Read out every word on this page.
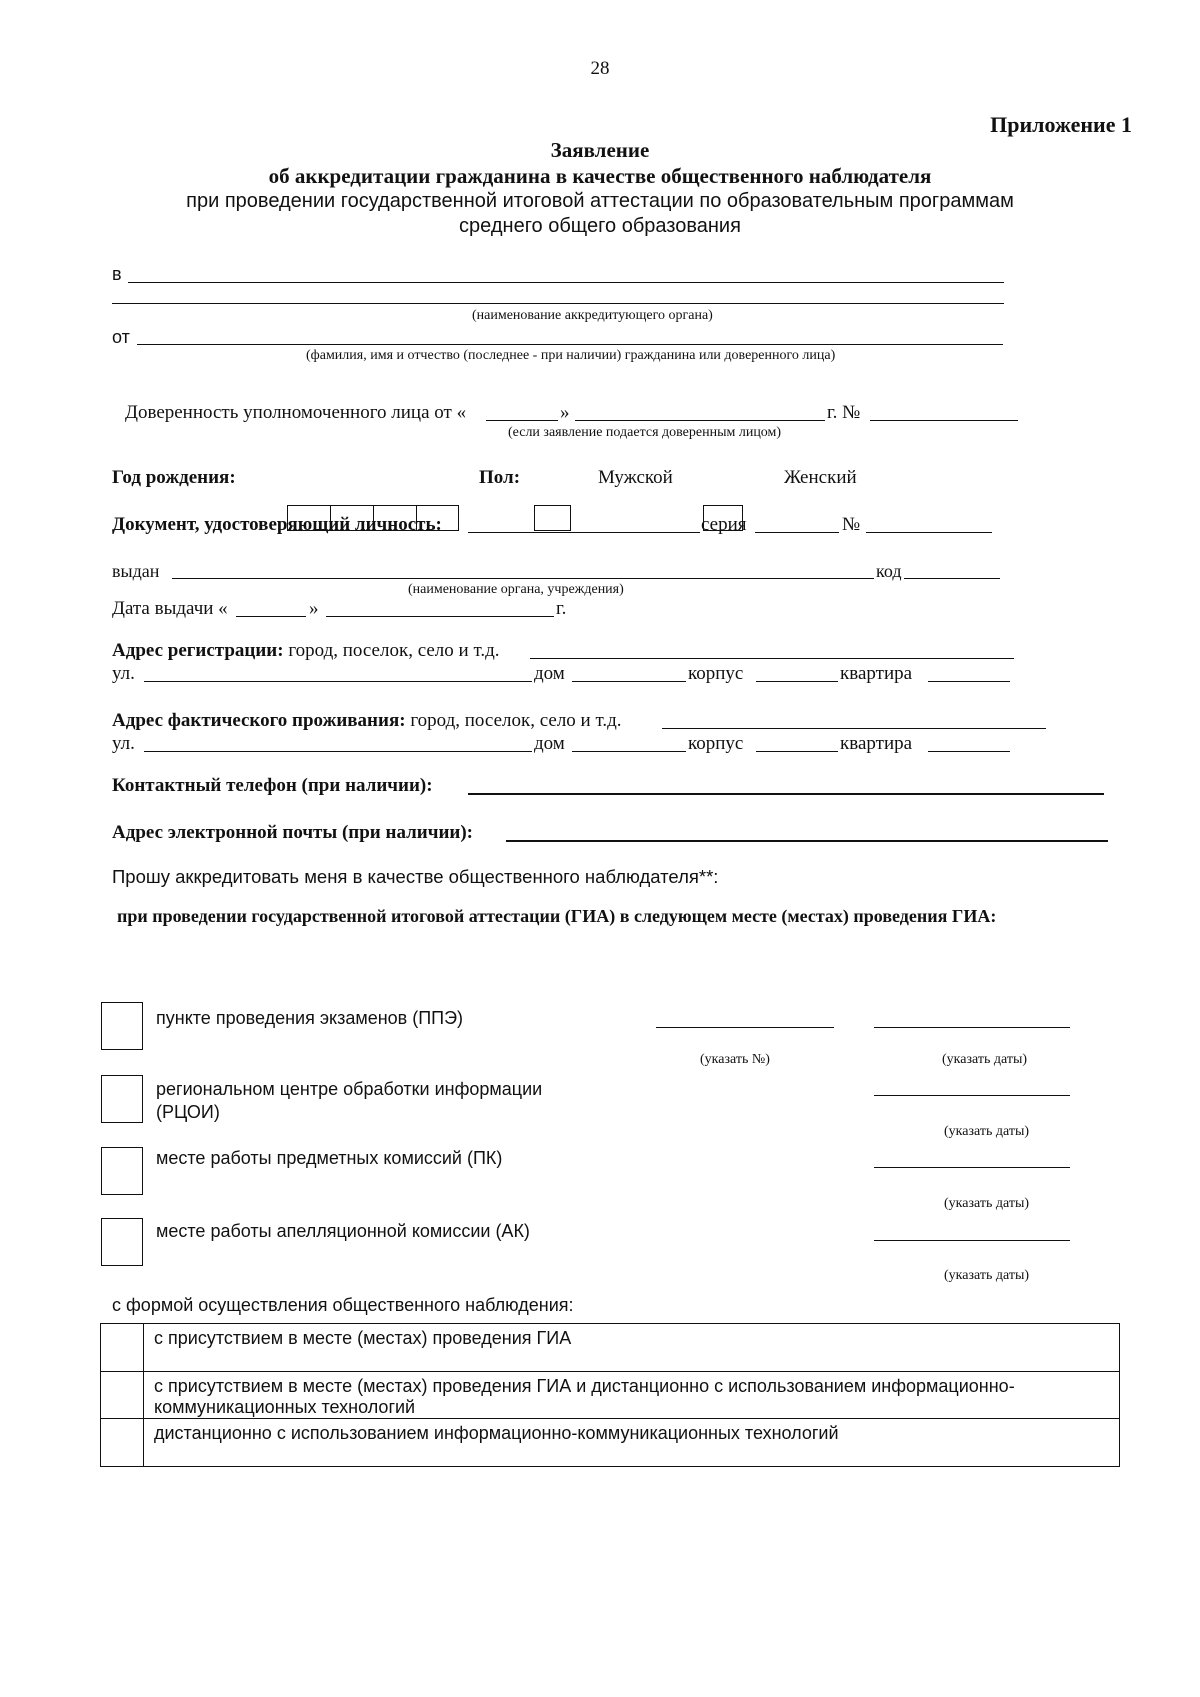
28
Приложение 1
Заявление
об аккредитации гражданина в качестве общественного наблюдателя
при проведении государственной итоговой аттестации по образовательным программам
среднего общего образования
в
(наименование аккредитующего органа)
от
(фамилия, имя и отчество (последнее - при наличии) гражданина или доверенного лица)
Доверенность уполномоченного лица от «	»	г. №
(если заявление подается доверенным лицом)
Год рождения:	Пол:	Мужской	Женский
Документ, удостоверяющий личность:	серия	№
выдан	код
(наименование органа, учреждения)
Дата выдачи «	»	г.
Адрес регистрации: город, поселок, село и т.д.
ул.	дом	корпус	квартира
Адрес фактического проживания: город, поселок, село и т.д.
ул.	дом	корпус	квартира
Контактный телефон (при наличии):
Адрес электронной почты (при наличии):
Прошу аккредитовать меня в качестве общественного наблюдателя**:
при проведении государственной итоговой аттестации (ГИА) в следующем месте (местах) проведения ГИА:
пункте проведения экзаменов (ППЭ)
(указать №)	(указать даты)
региональном центре обработки информации
(РЦОИ)
(указать даты)
месте работы предметных комиссий (ПК)
(указать даты)
месте работы апелляционной комиссии (АК)
(указать даты)
с формой осуществления общественного наблюдения:
	с присутствием в месте (местах) проведения ГИА

	с присутствием в месте (местах) проведения ГИА и дистанционно с использованием информационно-
коммуникационных технологий

	дистанционно с использованием информационно-коммуникационных технологий
